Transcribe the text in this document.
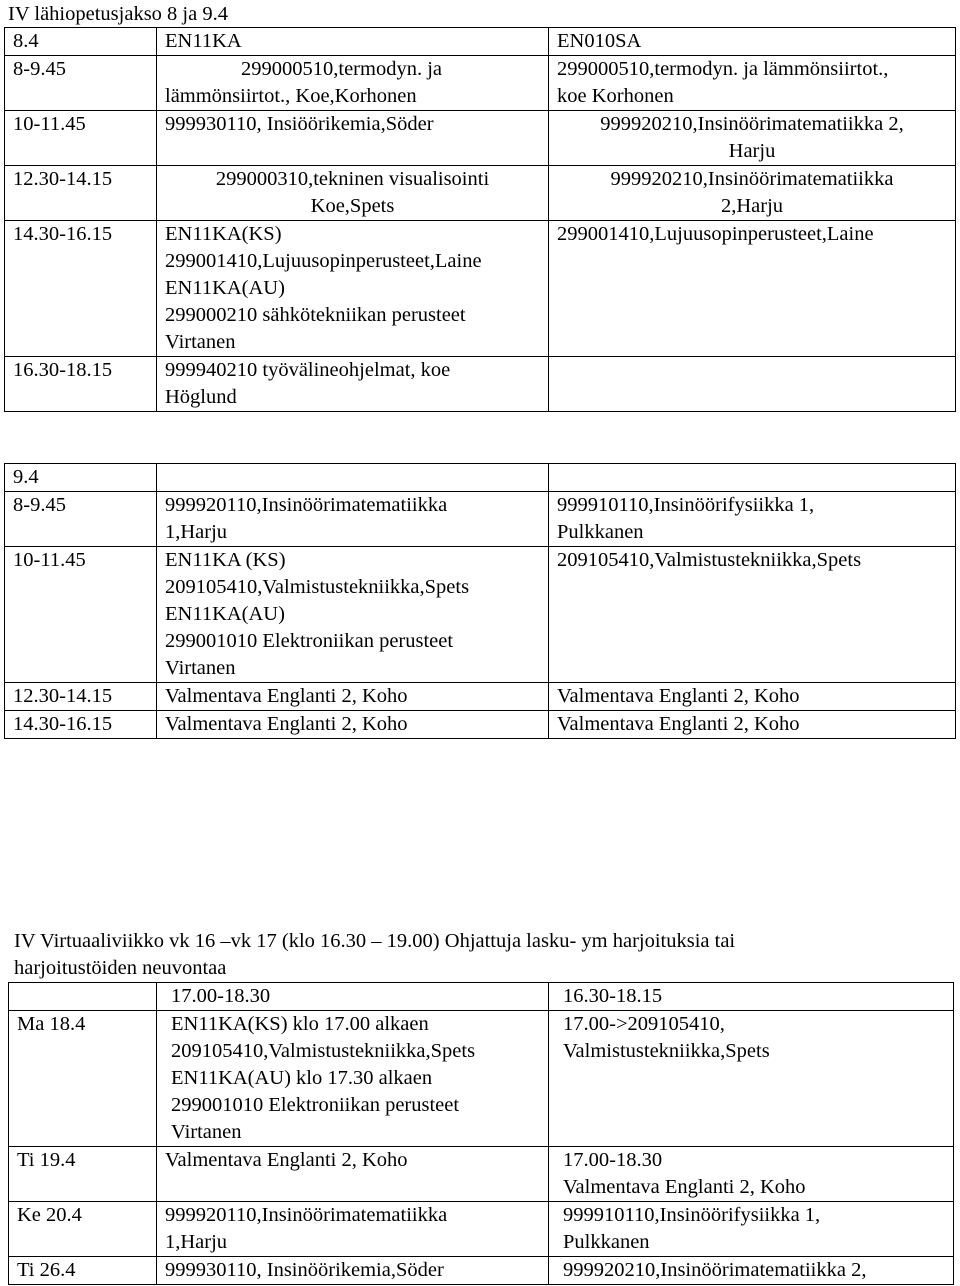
IV lähiopetusjakso 8 ja 9.4
8.4	EN11KA	EN010SA
8-9.45	299000510,termodyn. ja
lämmönsiirtot., Koe,Korhonen	299000510,termodyn. ja lämmönsiirtot.,
koe Korhonen

10-11.45	999930110, Insiöörikemia,Söder	999920210,Insinöörimatematiikka 2,
Harju

12.30-14.15	299000310,tekninen visualisointi
Koe,Spets	999920210,Insinöörimatematiikka
2,Harju

14.30-16.15	EN11KA(KS)
299001410,Lujuusopinperusteet,Laine
EN11KA(AU)
299000210 sähkötekniikan perusteet
Virtanen	299001410,Lujuusopinperusteet,Laine

16.30-18.15	999940210 työvälineohjelmat, koe
Höglund	

9.4		
8-9.45	999920110,Insinöörimatematiikka
1,Harju	999910110,Insinöörifysiikka 1,
Pulkkanen

10-11.45	EN11KA (KS)
209105410,Valmistustekniikka,Spets
EN11KA(AU)
299001010 Elektroniikan perusteet
Virtanen	209105410,Valmistustekniikka,Spets

12.30-14.15	Valmentava Englanti 2, Koho	Valmentava Englanti 2, Koho
14.30-16.15	Valmentava Englanti 2, Koho	Valmentava Englanti 2, Koho
IV Virtuaaliviikko vk 16 –vk 17 (klo 16.30 – 19.00) Ohjattuja lasku- ym harjoituksia tai
harjoitustöiden neuvontaa
	17.00-18.30	16.30-18.15
Ma 18.4	EN11KA(KS) klo 17.00 alkaen
209105410,Valmistustekniikka,Spets
EN11KA(AU) klo 17.30 alkaen
299001010 Elektroniikan perusteet
Virtanen	17.00->209105410,
Valmistustekniikka,Spets

Ti 19.4	Valmentava Englanti 2, Koho	17.00-18.30
Valmentava Englanti 2, Koho

Ke 20.4	999920110,Insinöörimatematiikka
1,Harju	999910110,Insinöörifysiikka 1,
Pulkkanen

Ti 26.4	999930110, Insinöörikemia,Söder	999920210,Insinöörimatematiikka 2,
